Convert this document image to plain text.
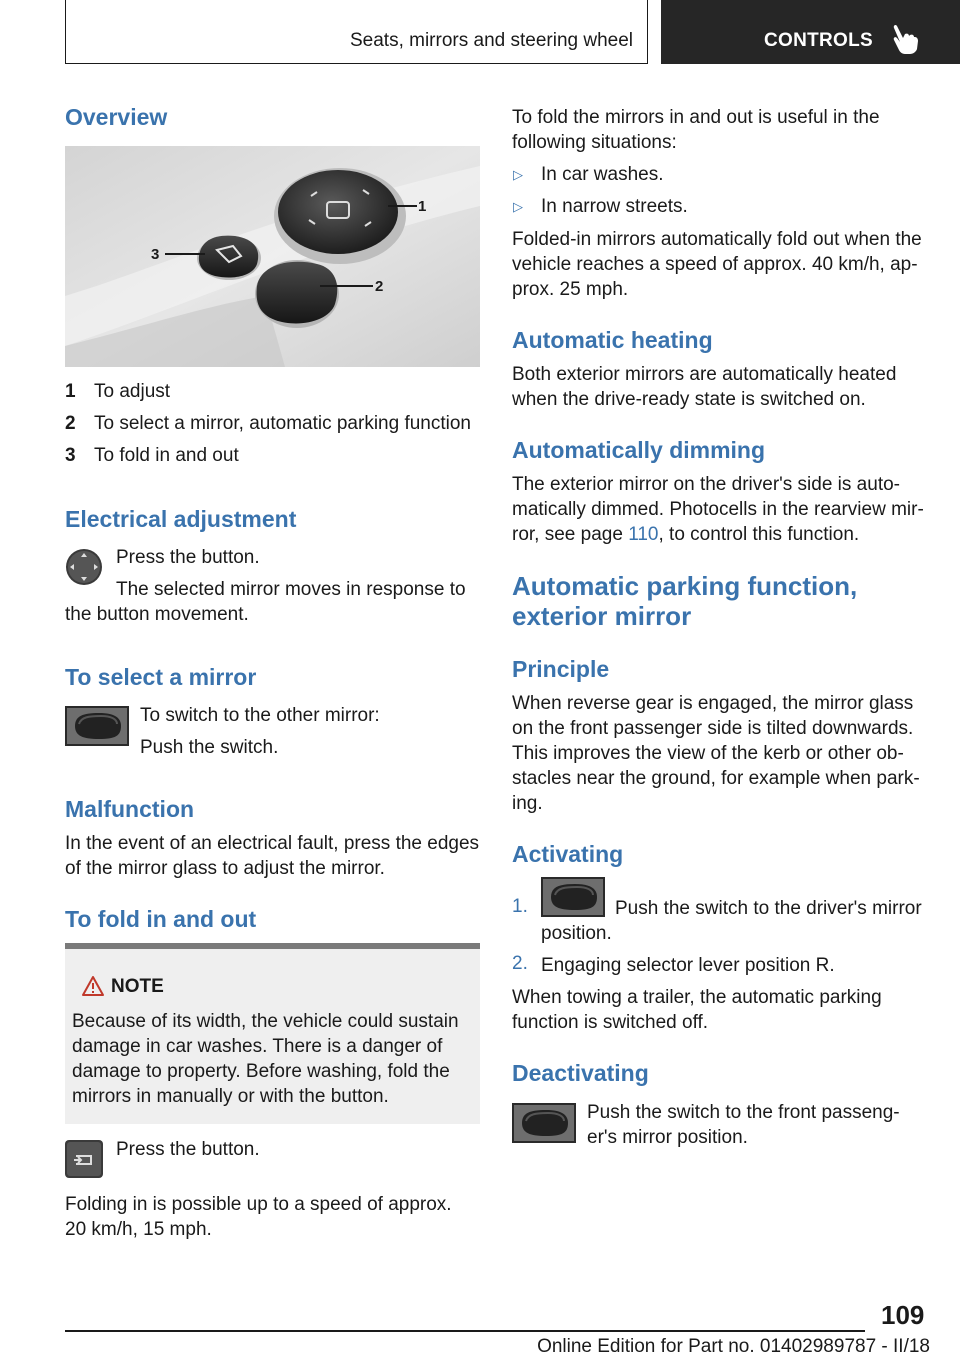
Seats, mirrors and steering wheel	CONTROLS
Overview
1
2
3
1 To adjust
2 To select a mirror, automatic parking function
3 To fold in and out
Electrical adjustment
Press the button.
The selected mirror moves in response to
the button movement.
To select a mirror
To switch to the other mirror:
Push the switch.
Malfunction
In the event of an electrical fault, press the edges of the mirror glass to adjust the mirror.
To fold in and out
NOTE
Because of its width, the vehicle could sustain damage in car washes. There is a danger of damage to property. Before washing, fold the mirrors in manually or with the button.
Press the button.
Folding in is possible up to a speed of approx. 20 km/h, 15 mph.
To fold the mirrors in and out is useful in the following situations:
▷ In car washes.
▷ In narrow streets.
Folded-in mirrors automatically fold out when the vehicle reaches a speed of approx. 40 km/h, ap-prox. 25 mph.
Automatic heating
Both exterior mirrors are automatically heated when the drive-ready state is switched on.
Automatically dimming
The exterior mirror on the driver's side is auto-matically dimmed. Photocells in the rearview mir-ror, see page 110, to control this function.
Automatic parking function, exterior mirror
Principle
When reverse gear is engaged, the mirror glass on the front passenger side is tilted downwards. This improves the view of the kerb or other ob-stacles near the ground, for example when park-ing.
Activating
1.	Push the switch to the driver's mirror
position.
2. Engaging selector lever position R.
When towing a trailer, the automatic parking function is switched off.
Deactivating
Push the switch to the front passeng-
er's mirror position.
109
Online Edition for Part no. 01402989787 - II/18
